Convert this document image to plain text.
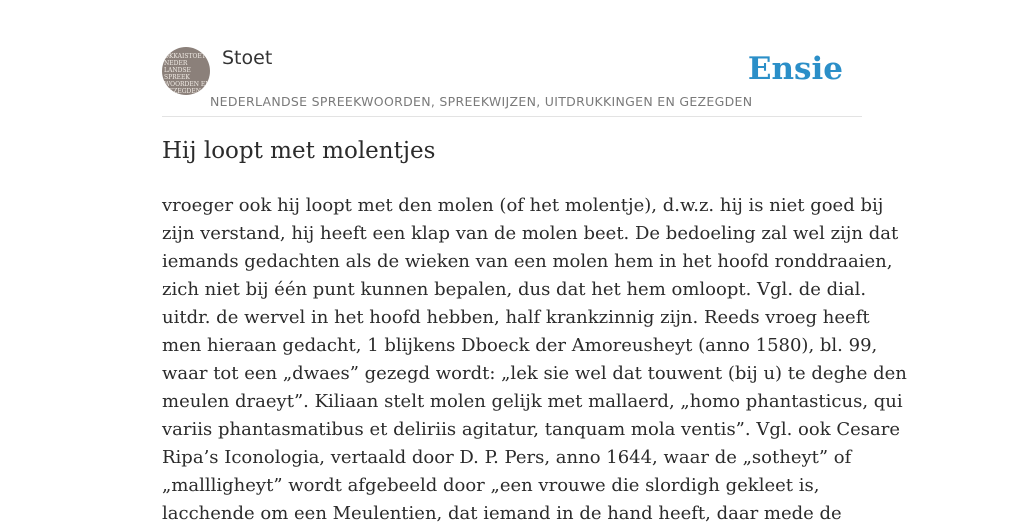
OKKAISTOET
NEDER
LANDSE
SPREEK
WOORDEN EN
GEZEGDEN
Stoet
NEDERLANDSE SPREEKWOORDEN, SPREEKWIJZEN, UITDRUKKINGEN EN GEZEGDEN
Ensie
Hij loopt met molentjes
vroeger ook hij loopt met den molen (of het molentje), d.w.z. hij is niet goed bij
zijn verstand, hij heeft een klap van de molen beet. De bedoeling zal wel zijn dat
iemands gedachten als de wieken van een molen hem in het hoofd ronddraaien,
zich niet bij één punt kunnen bepalen, dus dat het hem omloopt. Vgl. de dial.
uitdr. de wervel in het hoofd hebben, half krankzinnig zijn. Reeds vroeg heeft
men hieraan gedacht, 1 blijkens Dboeck der Amoreusheyt (anno 1580), bl. 99,
waar tot een „dwaes” gezegd wordt: „lek sie wel dat touwent (bij u) te deghe den
meulen draeyt”. Kiliaan stelt molen gelijk met mallaerd, „homo phantasticus, qui
variis phantasmatibus et deliriis agitatur, tanquam mola ventis”. Vgl. ook Cesare
Ripa’s Iconologia, vertaald door D. P. Pers, anno 1644, waar de „sotheyt” of
„mallligheyt” wordt afgebeeld door „een vrouwe die slordigh gekleet is,
lacchende om een Meulentien, dat iemand in de hand heeft, daar mede de
